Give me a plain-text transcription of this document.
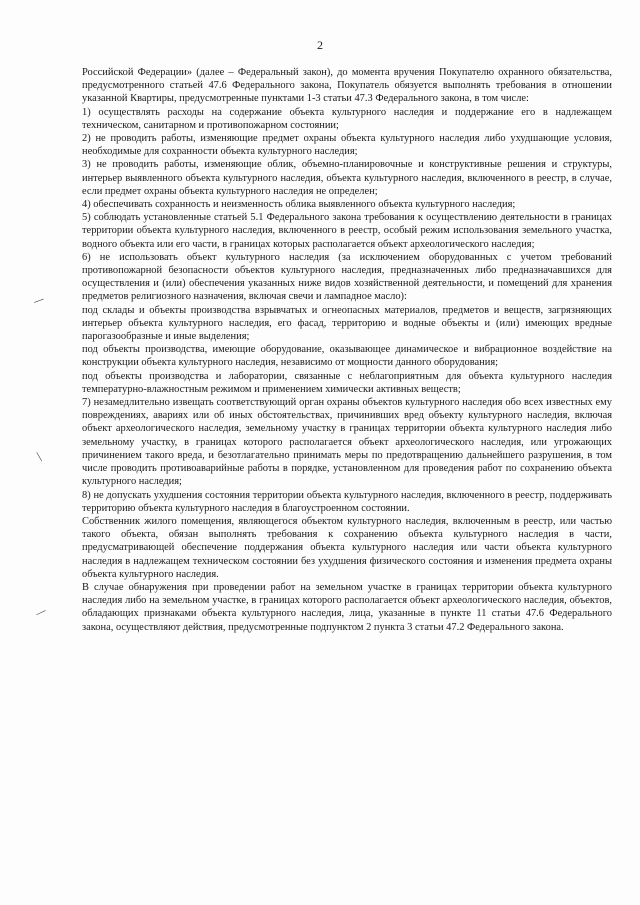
2
—
—
—

Российской Федерации» (далее – Федеральный закон), до момента вручения Покупателю охранного обязательства, предусмотренного статьей 47.6 Федерального закона, Покупатель обязуется выполнять требования в отношении указанной Квартиры, предусмотренные пунктами 1-3 статьи 47.3 Федерального закона, в том числе:

1) осуществлять расходы на содержание объекта культурного наследия и поддержание его в надлежащем техническом, санитарном и противопожарном состоянии;

2) не проводить работы, изменяющие предмет охраны объекта культурного наследия либо ухудшающие условия, необходимые для сохранности объекта культурного наследия;

3) не проводить работы, изменяющие облик, объемно-планировочные и конструктивные решения и структуры, интерьер выявленного объекта культурного наследия, объекта культурного наследия, включенного в реестр, в случае, если предмет охраны объекта культурного наследия не определен;

4) обеспечивать сохранность и неизменность облика выявленного объекта культурного наследия;

5) соблюдать установленные статьей 5.1 Федерального закона требования к осуществлению деятельности в границах территории объекта культурного наследия, включенного в реестр, особый режим использования земельного участка, водного объекта или его части, в границах которых располагается объект археологического наследия;

6) не использовать объект культурного наследия (за исключением оборудованных с учетом требований противопожарной безопасности объектов культурного наследия, предназначенных либо предназначавшихся для осуществления и (или) обеспечения указанных ниже видов хозяйственной деятельности, и помещений для хранения предметов религиозного назначения, включая свечи и лампадное масло):

под склады и объекты производства взрывчатых и огнеопасных материалов, предметов и веществ, загрязняющих интерьер объекта культурного наследия, его фасад, территорию и водные объекты и (или) имеющих вредные парогазообразные и иные выделения;

под объекты производства, имеющие оборудование, оказывающее динамическое и вибрационное воздействие на конструкции объекта культурного наследия, независимо от мощности данного оборудования;

под объекты производства и лаборатории, связанные с неблагоприятным для объекта культурного наследия температурно-влажностным режимом и применением химически активных веществ;

7) незамедлительно извещать соответствующий орган охраны объектов культурного наследия обо всех известных ему повреждениях, авариях или об иных обстоятельствах, причинивших вред объекту культурного наследия, включая объект археологического наследия, земельному участку в границах территории объекта культурного наследия либо земельному участку, в границах которого располагается объект археологического наследия, или угрожающих причинением такого вреда, и безотлагательно принимать меры по предотвращению дальнейшего разрушения, в том числе проводить противоаварийные работы в порядке, установленном для проведения работ по сохранению объекта культурного наследия;

8) не допускать ухудшения состояния территории объекта культурного наследия, включенного в реестр, поддерживать территорию объекта культурного наследия в благоустроенном состоянии.

Собственник жилого помещения, являющегося объектом культурного наследия, включенным в реестр, или частью такого объекта, обязан выполнять требования к сохранению объекта культурного наследия в части, предусматривающей обеспечение поддержания объекта культурного наследия или части объекта культурного наследия в надлежащем техническом состоянии без ухудшения физического состояния и изменения предмета охраны объекта культурного наследия.

В случае обнаружения при проведении работ на земельном участке в границах территории объекта культурного наследия либо на земельном участке, в границах которого располагается объект археологического наследия, объектов, обладающих признаками объекта культурного наследия, лица, указанные в пункте 11 статьи 47.6 Федерального закона, осуществляют действия, предусмотренные подпунктом 2 пункта 3 статьи 47.2 Федерального закона.
